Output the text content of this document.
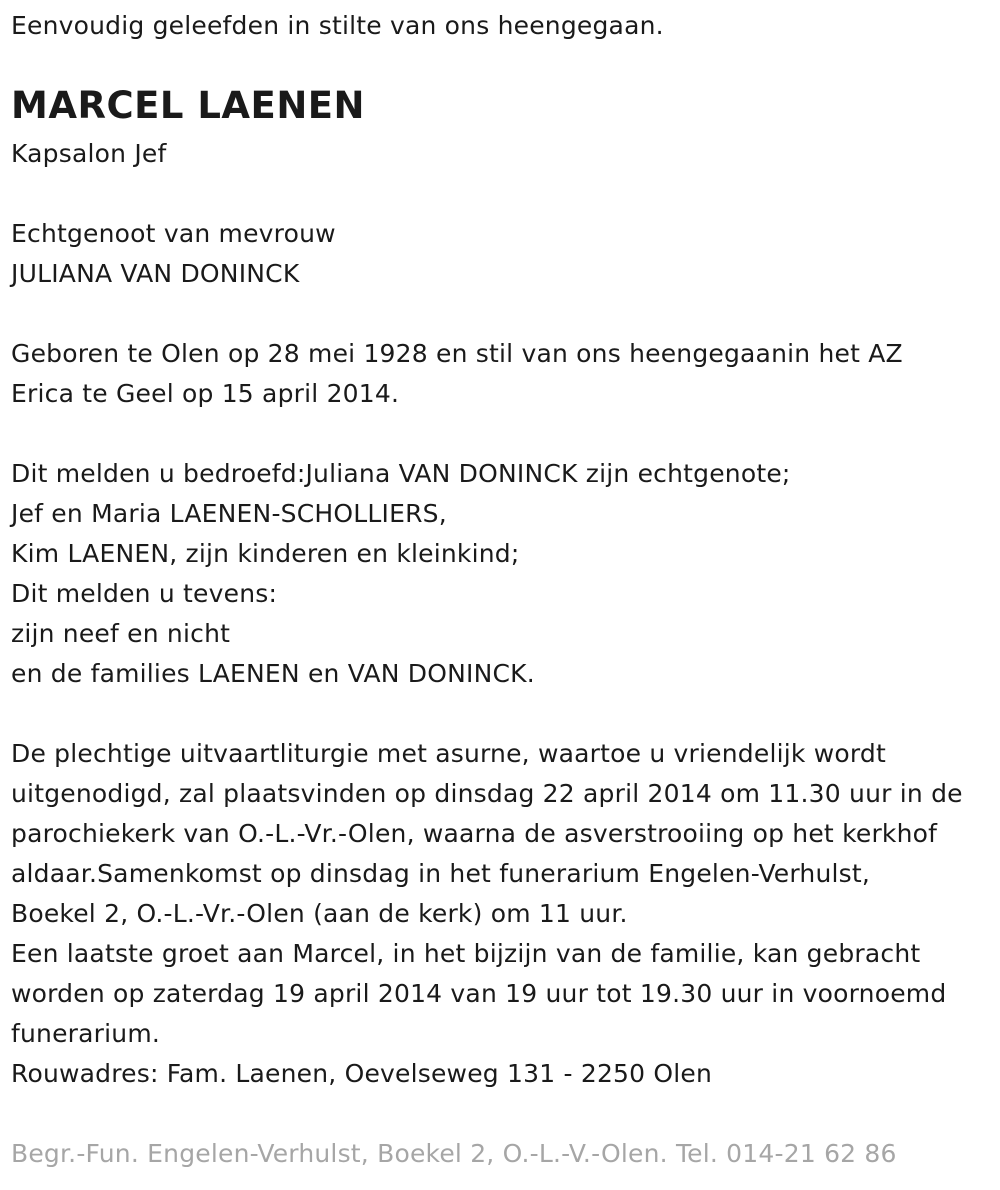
Eenvoudig geleefden in stilte van ons heengegaan.
MARCEL LAENEN
Kapsalon Jef
Echtgenoot van mevrouw
JULIANA VAN DONINCK
Geboren te Olen op 28 mei 1928 en stil van ons heengegaanin het AZ
Erica te Geel op 15 april 2014.
Dit melden u bedroefd:Juliana VAN DONINCK zijn echtgenote;
Jef en Maria LAENEN-SCHOLLIERS,
Kim LAENEN, zijn kinderen en kleinkind;
Dit melden u tevens:
zijn neef en nicht
en de families LAENEN en VAN DONINCK.
De plechtige uitvaartliturgie met asurne, waartoe u vriendelijk wordt
uitgenodigd, zal plaatsvinden op dinsdag 22 april 2014 om 11.30 uur in de
parochiekerk van O.-L.-Vr.-Olen, waarna de asverstrooiing op het kerkhof
aldaar.Samenkomst op dinsdag in het funerarium Engelen-Verhulst,
Boekel 2, O.-L.-Vr.-Olen (aan de kerk) om 11 uur.
Een laatste groet aan Marcel, in het bijzijn van de familie, kan gebracht
worden op zaterdag 19 april 2014 van 19 uur tot 19.30 uur in voornoemd
funerarium.
Rouwadres: Fam. Laenen, Oevelseweg 131 - 2250 Olen
Begr.-Fun. Engelen-Verhulst, Boekel 2, O.-L.-V.-Olen. Tel. 014-21 62 86
